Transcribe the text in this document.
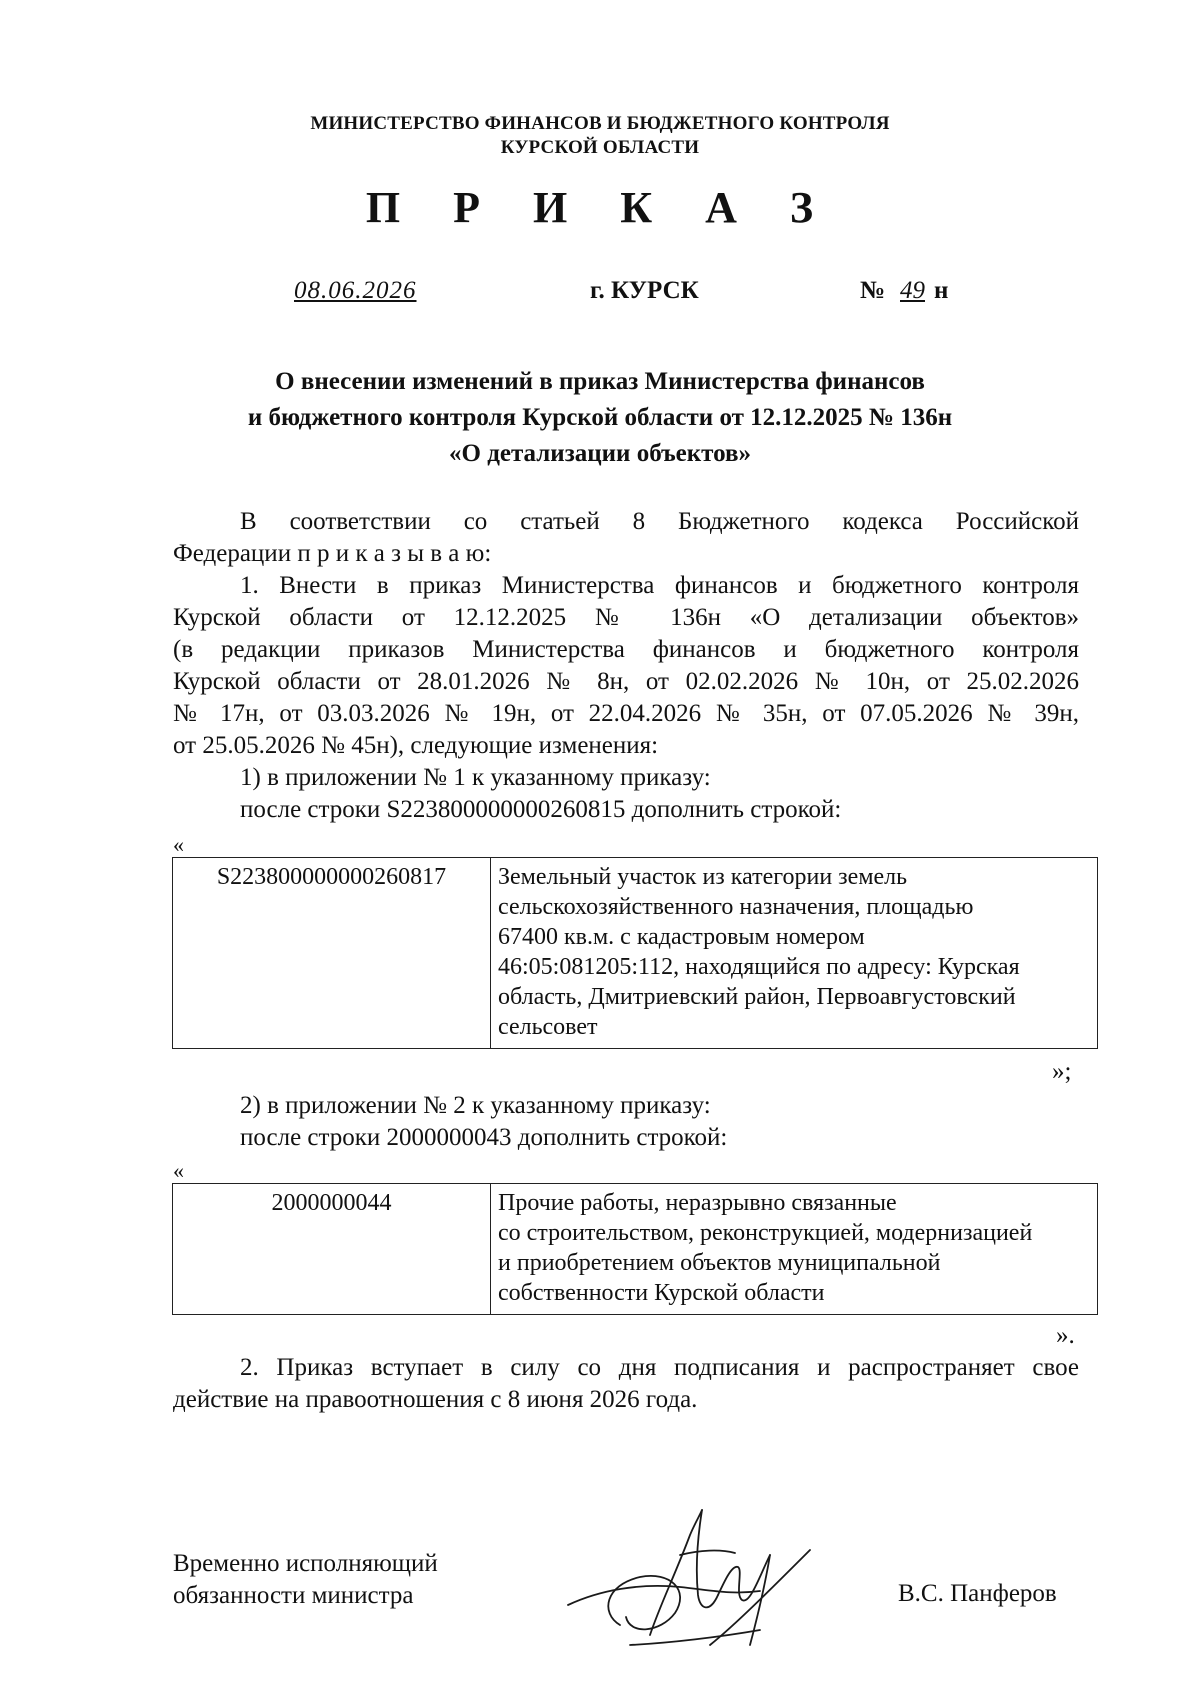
МИНИСТЕРСТВО ФИНАНСОВ И БЮДЖЕТНОГО КОНТРОЛЯ
КУРСКОЙ ОБЛАСТИ
П Р И К А З
08.06.2026	г. КУРСК	№ 49 н
О внесении изменений в приказ Министерства финансов
и бюджетного контроля Курской области от 12.12.2025 № 136н
«О детализации объектов»
В соответствии со статьей 8 Бюджетного кодекса Российской
Федерации п р и к а з ы в а ю:
1. Внести в приказ Министерства финансов и бюджетного контроля
Курской области от 12.12.2025 № 136н «О детализации объектов»
(в редакции приказов Министерства финансов и бюджетного контроля
Курской области от 28.01.2026 № 8н, от 02.02.2026 № 10н, от 25.02.2026
№ 17н, от 03.03.2026 № 19н, от 22.04.2026 № 35н, от 07.05.2026 № 39н,
от 25.05.2026 № 45н), следующие изменения:
1) в приложении № 1 к указанному приказу:
после строки S223800000000260815 дополнить строкой:
«
S223800000000260817	Земельный участок из категории земель
сельскохозяйственного назначения, площадью
67400 кв.м. с кадастровым номером
46:05:081205:112, находящийся по адресу: Курская
область, Дмитриевский район, Первоавгустовский
сельсовет
»;
2) в приложении № 2 к указанному приказу:
после строки 2000000043 дополнить строкой:
«
2000000044	Прочие работы, неразрывно связанные
со строительством, реконструкцией, модернизацией
и приобретением объектов муниципальной
собственности Курской области
».
2. Приказ вступает в силу со дня подписания и распространяет свое
действие на правоотношения с 8 июня 2026 года.
Временно исполняющий
обязанности министра	В.С. Панферов
